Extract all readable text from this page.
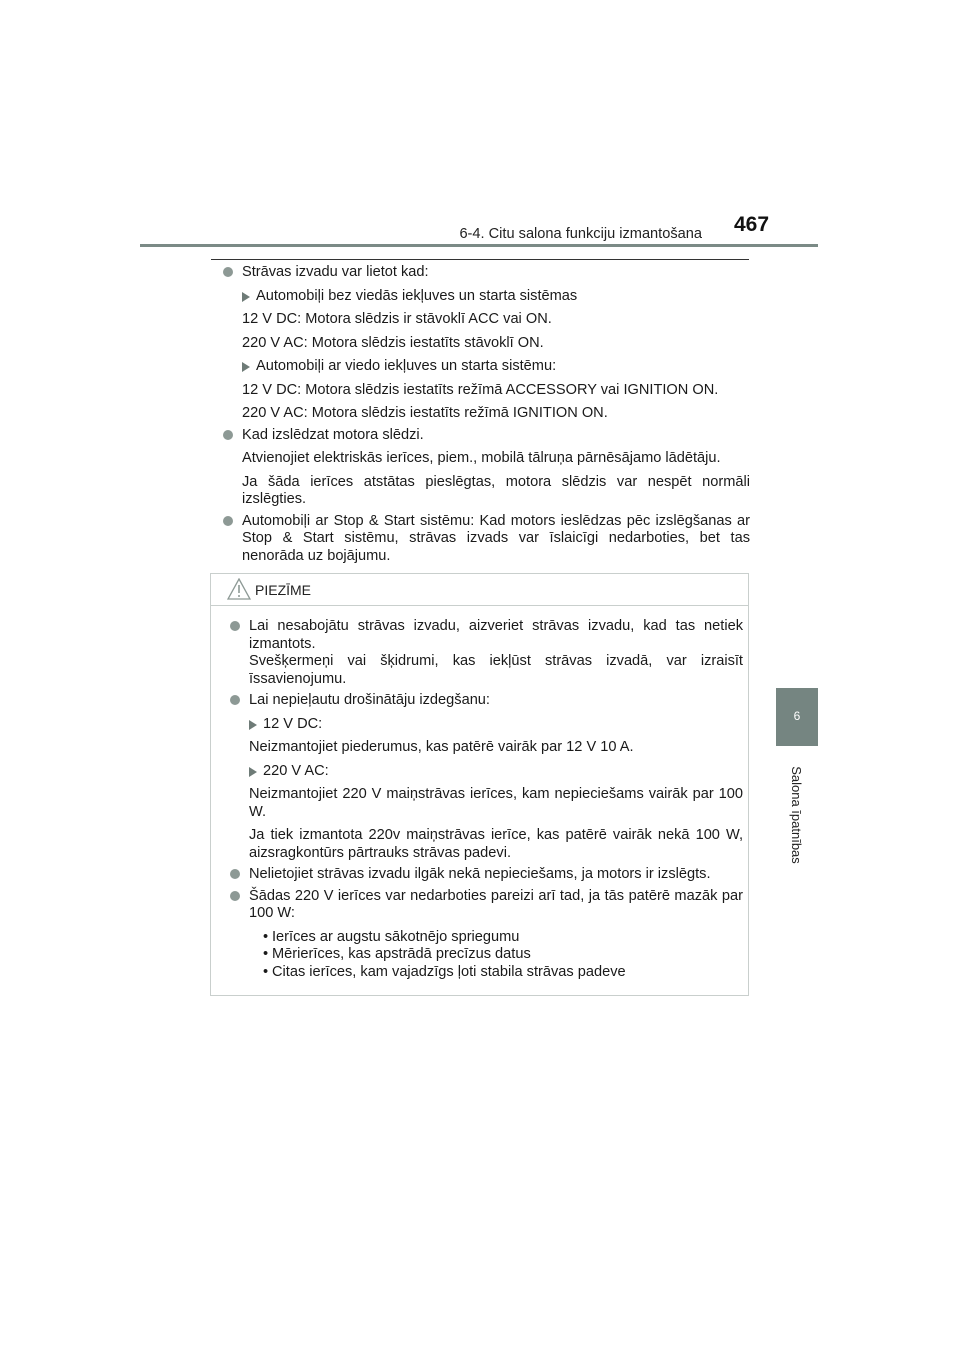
6-4. Citu salona funkciju izmantošana 467
6
Salona īpatnības
Strāvas izvadu var lietot kad:
Automobiļi bez viedās iekļuves un starta sistēmas
12 V DC: Motora slēdzis ir stāvoklī ACC vai ON.
220 V AC: Motora slēdzis iestatīts stāvoklī ON.
Automobiļi ar viedo iekļuves un starta sistēmu:
12 V DC: Motora slēdzis iestatīts režīmā ACCESSORY vai IGNITION ON.
220 V AC: Motora slēdzis iestatīts režīmā IGNITION ON.
Kad izslēdzat motora slēdzi.
Atvienojiet elektriskās ierīces, piem., mobilā tālruņa pārnēsājamo lādētāju.
Ja šāda ierīces atstātas pieslēgtas, motora slēdzis var nespēt normāli izslēgties.
Automobiļi ar Stop & Start sistēmu: Kad motors ieslēdzas pēc izslēgšanas ar Stop & Start sistēmu, strāvas izvads var īslaicīgi nedarboties, bet tas nenorāda uz bojājumu.
PIEZĪME
Lai nesabojātu strāvas izvadu, aizveriet strāvas izvadu, kad tas netiek izmantots.
Svešķermeņi vai šķidrumi, kas iekļūst strāvas izvadā, var izraisīt īssavienojumu.
Lai nepieļautu drošinātāju izdegšanu:
12 V DC:
Neizmantojiet piederumus, kas patērē vairāk par 12 V 10 A.
220 V AC:
Neizmantojiet 220 V maiņstrāvas ierīces, kam nepieciešams vairāk par 100 W.
Ja tiek izmantota 220v maiņstrāvas ierīce, kas patērē vairāk nekā 100 W, aizsragkontūrs pārtrauks strāvas padevi.
Nelietojiet strāvas izvadu ilgāk nekā nepieciešams, ja motors ir izslēgts.
Šādas 220 V ierīces var nedarboties pareizi arī tad, ja tās patērē mazāk par 100 W:
• Ierīces ar augstu sākotnējo spriegumu
• Mērierīces, kas apstrādā precīzus datus
• Citas ierīces, kam vajadzīgs ļoti stabila strāvas padeve
